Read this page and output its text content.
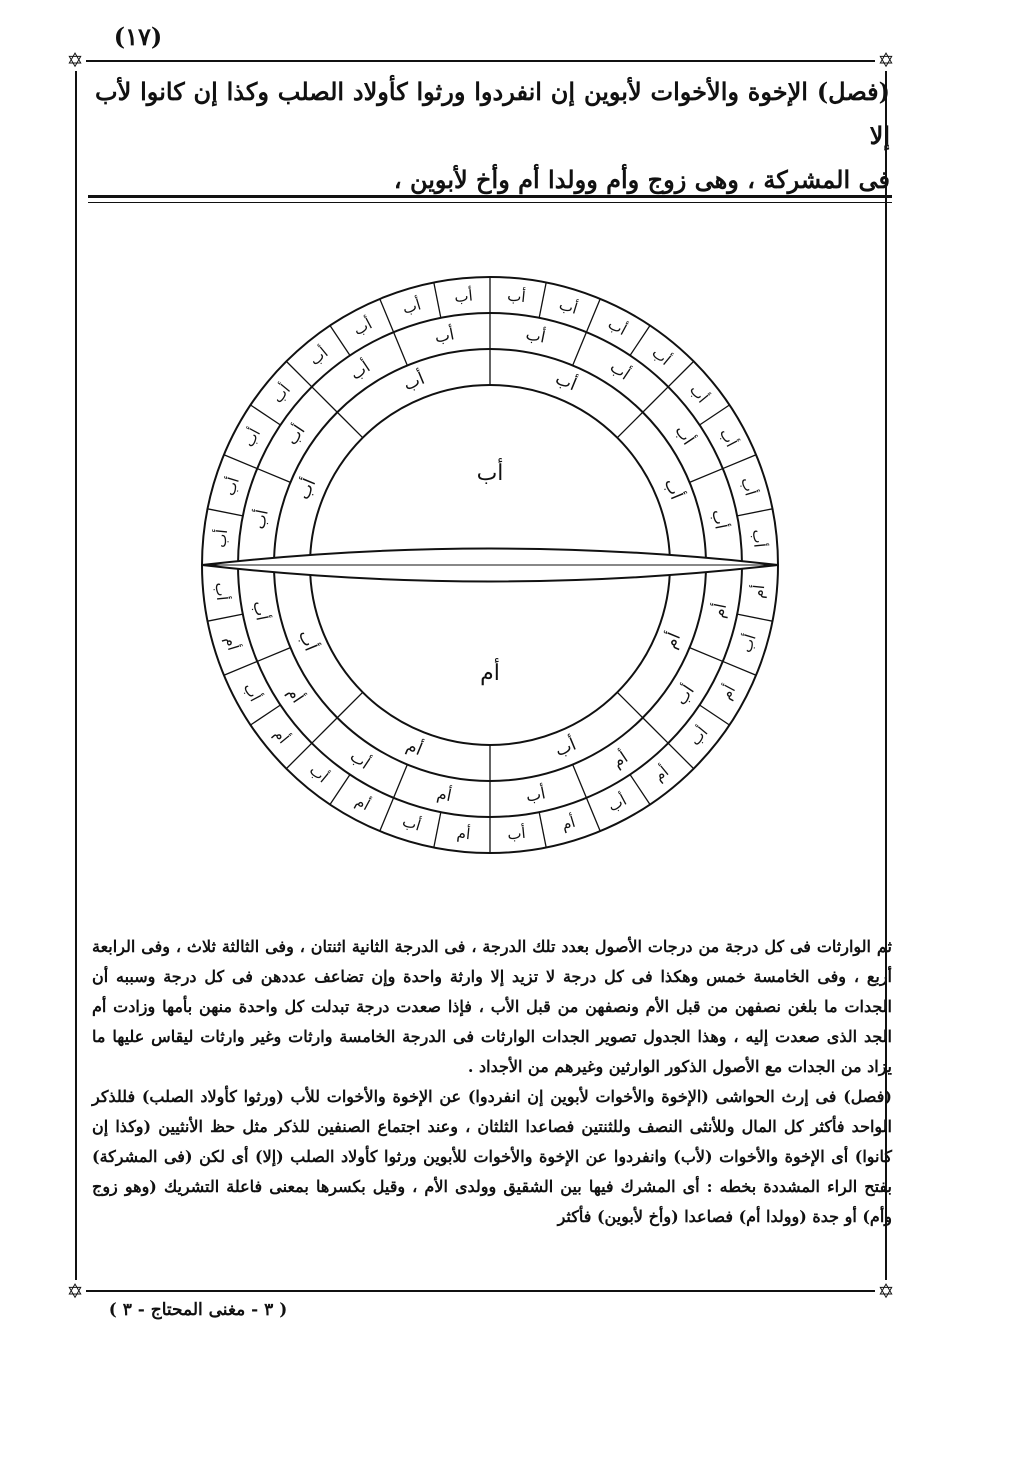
(١٧)
✡	✡
✡	✡
(فصل) الإخوة والأخوات لأبوين إن انفردوا ورثوا كأولاد الصلب وكذا إن كانوا لأب إلا
فى المشركة ، وهى زوج وأم وولدا أم وأخ لأبوين ،
أب
أب
أب
أب
أب
أب
أب أب أب أب
أب
أب
أب
أب
أب
أب
أم
أب
أم
أب
أم
أب
أم
أب
أم
أب
أم
أب
أم
أب
أم
أب
أب
أب
أب
أب	أب
أب
أب
أب
أم
أب
أم
أب
أم
أب
أم
أب
أب
أب	أب
أب
أم
أب
أم
أب
أب
أم

ثم الوارثات فى كل درجة من درجات الأصول بعدد تلك الدرجة ، فى الدرجة الثانية اثنتان ، وفى الثالثة ثلاث ، وفى الرابعة أربع ، وفى الخامسة خمس وهكذا فى كل درجة لا تزيد إلا وارثة واحدة وإن تضاعف عددهن فى كل درجة وسببه أن الجدات ما بلغن نصفهن من قبل الأم ونصفهن من قبل الأب ، فإذا صعدت درجة تبدلت كل واحدة منهن بأمها وزادت أم الجد الذى صعدت إليه ، وهذا الجدول تصوير الجدات الوارثات فى الدرجة الخامسة وارثات وغير وارثات ليقاس عليها ما يزاد من الجدات مع الأصول الذكور الوارثين وغيرهم من الأجداد .

(فصل) فى إرث الحواشى (الإخوة والأخوات لأبوين إن انفردوا) عن الإخوة والأخوات للأب (ورثوا كأولاد الصلب) فللذكر الواحد فأكثر كل المال وللأنثى النصف وللثنتين فصاعدا الثلثان ، وعند اجتماع الصنفين للذكر مثل حظ الأنثيين (وكذا إن كانوا) أى الإخوة والأخوات (لأب) وانفردوا عن الإخوة والأخوات للأبوين ورثوا كأولاد الصلب (إلا) أى لكن (فى المشركة) بفتح الراء المشددة بخطه : أى المشرك فيها بين الشقيق وولدى الأم ، وقيل بكسرها بمعنى فاعلة التشريك (وهو زوج وأم) أو جدة (وولدا أم) فصاعدا (وأخ لأبوين) فأكثر

( ٣ - مغنى المحتاج - ٣ )
